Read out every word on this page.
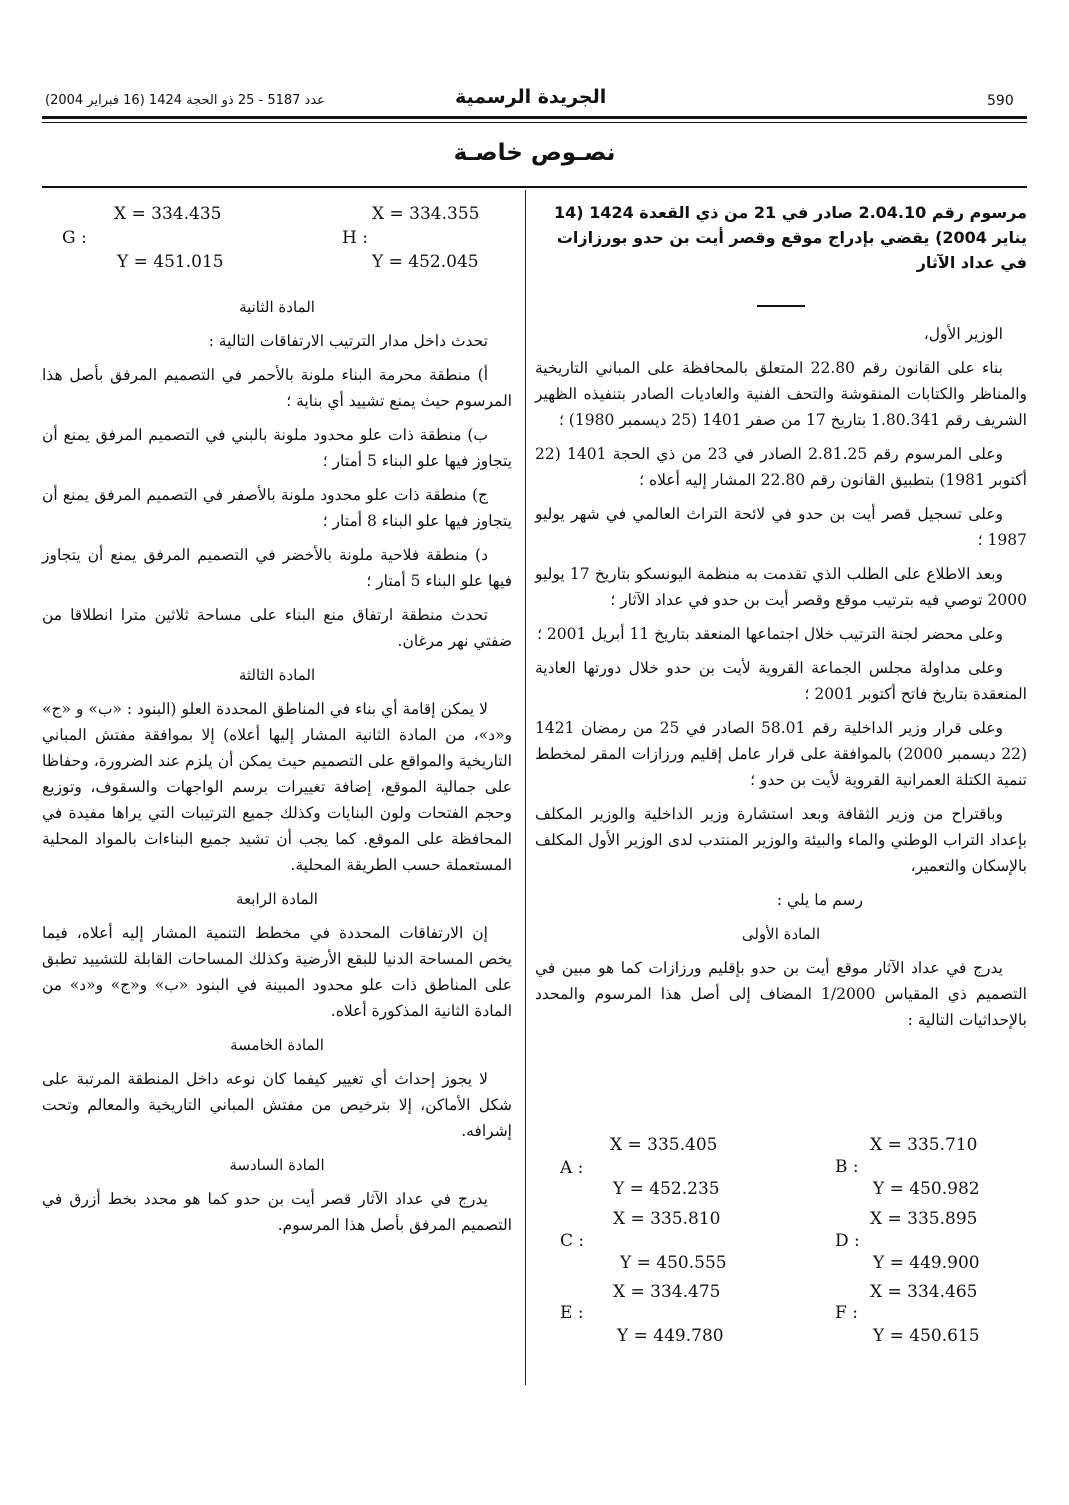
عدد 5187 - 25 ذو الحجة 1424 (16 فبراير 2004)	الجريدة الرسمية	590
نصـوص خاصـة

مرسوم رقم 2.04.10 صادر في 21 من ذي القعدة 1424 (14 يناير 2004) يقضي بإدراج موقع وقصر أيت بن حدو بورزازات في عداد الآثار

الوزير الأول،

بناء على القانون رقم 22.80 المتعلق بالمحافظة على المباني التاريخية والمناظر والكتابات المنقوشة والتحف الفنية والعاديات الصادر بتنفيذه الظهير الشريف رقم 1.80.341 بتاريخ 17 من صفر 1401 (25 ديسمبر 1980) ؛

وعلى المرسوم رقم 2.81.25 الصادر في 23 من ذي الحجة 1401 (22 أكتوبر 1981) بتطبيق القانون رقم 22.80 المشار إليه أعلاه ؛

وعلى تسجيل قصر أيت بن حدو في لائحة التراث العالمي في شهر يوليو 1987 ؛

وبعد الاطلاع على الطلب الذي تقدمت به منظمة اليونسكو بتاريخ 17 يوليو 2000 توصي فيه بترتيب موقع وقصر أيت بن حدو في عداد الآثار ؛

وعلى محضر لجنة الترتيب خلال اجتماعها المنعقد بتاريخ 11 أبريل 2001 ؛

وعلى مداولة مجلس الجماعة القروية لأيت بن حدو خلال دورتها العادية المنعقدة بتاريخ فاتح أكتوبر 2001 ؛

وعلى قرار وزير الداخلية رقم 58.01 الصادر في 25 من رمضان 1421 (22 ديسمبر 2000) بالموافقة على قرار عامل إقليم ورزازات المقر لمخطط تنمية الكتلة العمرانية القروية لأيت بن حدو ؛

وباقتراح من وزير الثقافة وبعد استشارة وزير الداخلية والوزير المكلف بإعداد التراب الوطني والماء والبيئة والوزير المنتدب لدى الوزير الأول المكلف بالإسكان والتعمير،

رسم ما يلي :

المادة الأولى

يدرج في عداد الآثار موقع أيت بن حدو بإقليم ورزازات كما هو مبين في التصميم ذي المقياس 1/2000 المضاف إلى أصل هذا المرسوم والمحدد بالإحداثيات التالية :

X = 335.405
A :
Y = 452.235
X = 335.710
B :
Y = 450.982
X = 335.810
C :
Y = 450.555
X = 335.895
D :
Y = 449.900
X = 334.475
E :
Y = 449.780
X = 334.465
F :
Y = 450.615
X = 334.435
G :
Y = 451.015
X = 334.355
H :
Y = 452.045
المادة الثانية

تحدث داخل مدار الترتيب الارتفاقات التالية :

أ) منطقة محرمة البناء ملونة بالأحمر في التصميم المرفق بأصل هذا المرسوم حيث يمنع تشييد أي بناية ؛

ب) منطقة ذات علو محدود ملونة بالبني في التصميم المرفق يمنع أن يتجاوز فيها علو البناء 5 أمتار ؛

ج) منطقة ذات علو محدود ملونة بالأصفر في التصميم المرفق يمنع أن يتجاوز فيها علو البناء 8 أمتار ؛

د) منطقة فلاحية ملونة بالأخضر في التصميم المرفق يمنع أن يتجاوز فيها علو البناء 5 أمتار ؛

تحدث منطقة ارتفاق منع البناء على مساحة ثلاثين مترا انطلاقا من ضفتي نهر مرغان.

المادة الثالثة

لا يمكن إقامة أي بناء في المناطق المحددة العلو (البنود : «ب» و «ج» و«د»، من المادة الثانية المشار إليها أعلاه) إلا بموافقة مفتش المباني التاريخية والمواقع على التصميم حيث يمكن أن يلزم عند الضرورة، وحفاظا على جمالية الموقع، إضافة تغييرات برسم الواجهات والسقوف، وتوزيع وحجم الفتحات ولون البنايات وكذلك جميع الترتيبات التي يراها مفيدة في المحافظة على الموقع. كما يجب أن تشيد جميع البناءات بالمواد المحلية المستعملة حسب الطريقة المحلية.

المادة الرابعة

إن الارتفاقات المحددة في مخطط التنمية المشار إليه أعلاه، فيما يخص المساحة الدنيا للبقع الأرضية وكذلك المساحات القابلة للتشييد تطبق على المناطق ذات علو محدود المبينة في البنود «ب» و«ج» و«د» من المادة الثانية المذكورة أعلاه.

المادة الخامسة

لا يجوز إحداث أي تغيير كيفما كان نوعه داخل المنطقة المرتبة على شكل الأماكن، إلا بترخيص من مفتش المباني التاريخية والمعالم وتحت إشرافه.

المادة السادسة

يدرج في عداد الآثار قصر أيت بن حدو كما هو محدد بخط أزرق في التصميم المرفق بأصل هذا المرسوم.
